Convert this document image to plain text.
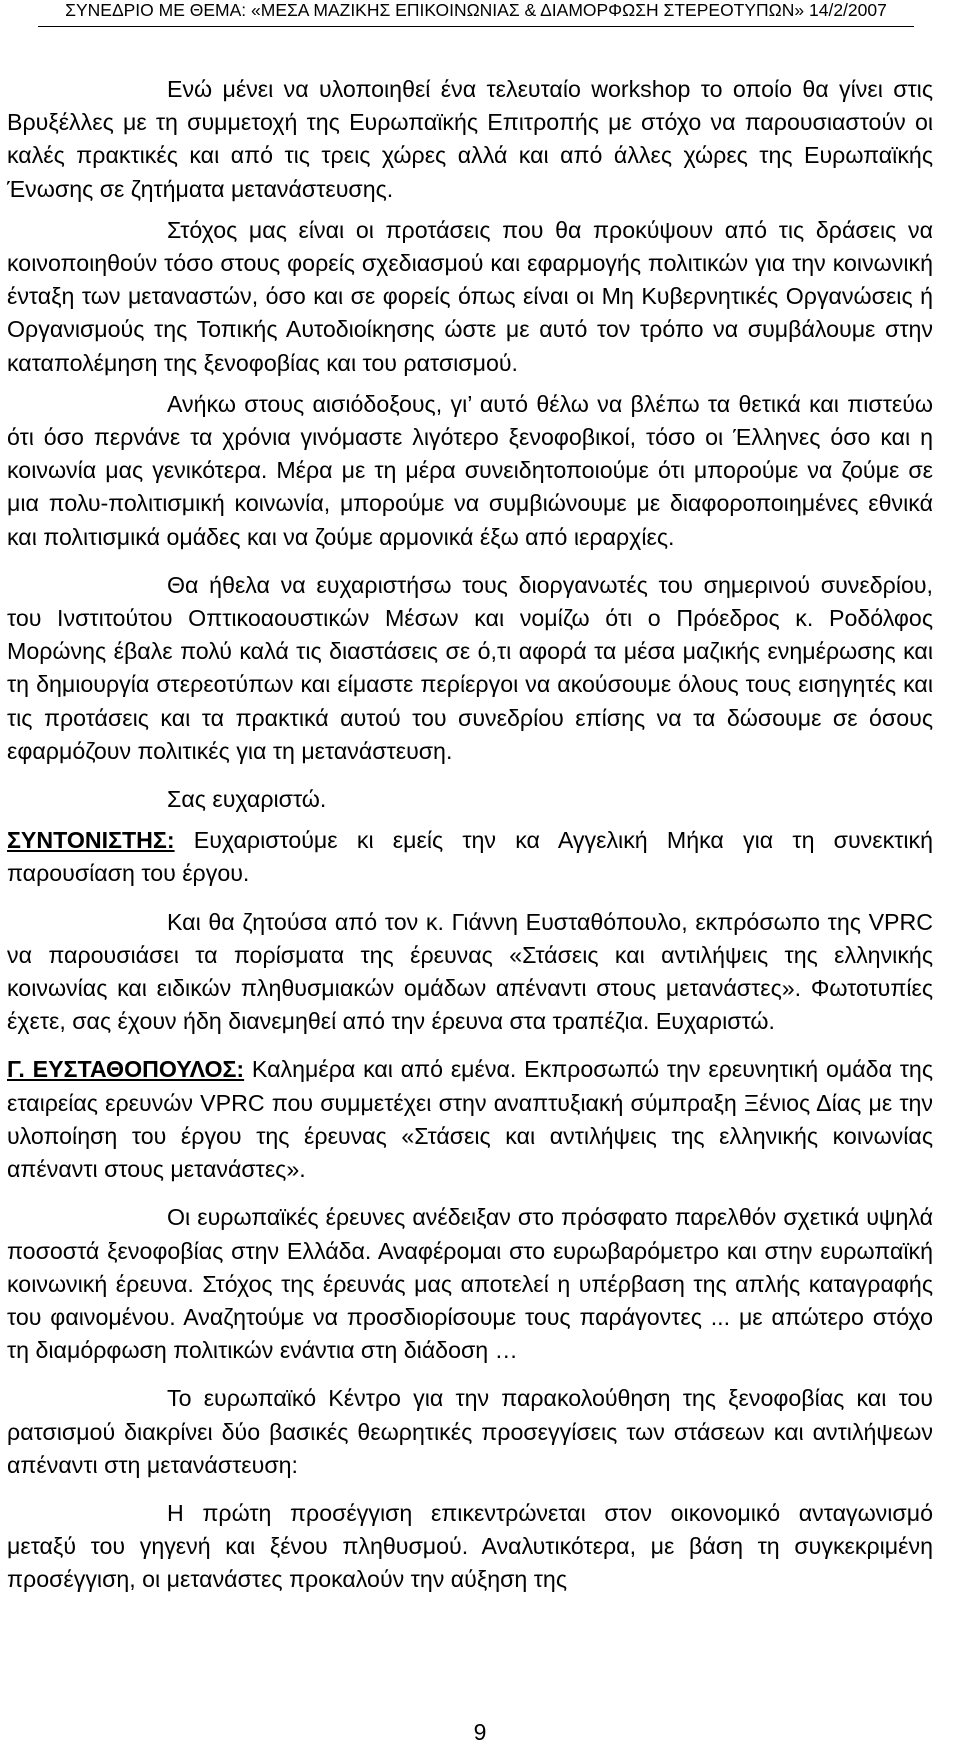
ΣΥΝΕΔΡΙΟ ΜΕ ΘΕΜΑ: «ΜΕΣΑ ΜΑΖΙΚΗΣ ΕΠΙΚΟΙΝΩΝΙΑΣ & ΔΙΑΜΟΡΦΩΣΗ ΣΤΕΡΕΟΤΥΠΩΝ» 14/2/2007

Ενώ μένει να υλοποιηθεί ένα τελευταίο workshop το οποίο θα γίνει στις Βρυξέλλες με τη συμμετοχή της Ευρωπαϊκής Επιτροπής με στόχο να παρουσιαστούν οι καλές πρακτικές και από τις τρεις χώρες αλλά και από άλλες χώρες της Ευρωπαϊκής Ένωσης σε ζητήματα μετανάστευσης.

Στόχος μας είναι οι προτάσεις που θα προκύψουν από τις δράσεις να κοινοποιηθούν τόσο στους φορείς σχεδιασμού και εφαρμογής πολιτικών για την κοινωνική ένταξη των μεταναστών, όσο και σε φορείς όπως είναι οι Μη Κυβερνητικές Οργανώσεις ή Οργανισμούς της Τοπικής Αυτοδιοίκησης ώστε με αυτό τον τρόπο να συμβάλουμε στην καταπολέμηση της ξενοφοβίας και του ρατσισμού.

Ανήκω στους αισιόδοξους, γι’ αυτό θέλω να βλέπω τα θετικά και πιστεύω ότι όσο περνάνε τα χρόνια γινόμαστε λιγότερο ξενοφοβικοί, τόσο οι Έλληνες όσο και η κοινωνία μας γενικότερα. Μέρα με τη μέρα συνειδητοποιούμε ότι μπορούμε να ζούμε σε μια πολυ-πολιτισμική κοινωνία, μπορούμε να συμβιώνουμε με διαφοροποιημένες εθνικά και πολιτισμικά ομάδες και να ζούμε αρμονικά έξω από ιεραρχίες.

Θα ήθελα να ευχαριστήσω τους διοργανωτές του σημερινού συνεδρίου, του Ινστιτούτου Οπτικοαουστικών Μέσων και νομίζω ότι ο Πρόεδρος κ. Ροδόλφος Μορώνης έβαλε πολύ καλά τις διαστάσεις σε ό,τι αφορά τα μέσα μαζικής ενημέρωσης και τη δημιουργία στερεοτύπων και είμαστε περίεργοι να ακούσουμε όλους τους εισηγητές και τις προτάσεις και τα πρακτικά αυτού του συνεδρίου επίσης να τα δώσουμε σε όσους εφαρμόζουν πολιτικές για τη μετανάστευση.

Σας ευχαριστώ.

ΣΥΝΤΟΝΙΣΤΗΣ: Ευχαριστούμε κι εμείς την κα Αγγελική Μήκα για τη συνεκτική παρουσίαση του έργου.

Και θα ζητούσα από τον κ. Γιάννη Ευσταθόπουλο, εκπρόσωπο της VPRC να παρουσιάσει τα πορίσματα της έρευνας «Στάσεις και αντιλήψεις της ελληνικής κοινωνίας και ειδικών πληθυσμιακών ομάδων απέναντι στους μετανάστες». Φωτοτυπίες έχετε, σας έχουν ήδη διανεμηθεί από την έρευνα στα τραπέζια. Ευχαριστώ.

Γ. ΕΥΣΤΑΘΟΠΟΥΛΟΣ: Καλημέρα και από εμένα. Εκπροσωπώ την ερευνητική ομάδα της εταιρείας ερευνών VPRC που συμμετέχει στην αναπτυξιακή σύμπραξη Ξένιος Δίας με την υλοποίηση του έργου της έρευνας «Στάσεις και αντιλήψεις της ελληνικής κοινωνίας απέναντι στους μετανάστες».

Οι ευρωπαϊκές έρευνες ανέδειξαν στο πρόσφατο παρελθόν σχετικά υψηλά ποσοστά ξενοφοβίας στην Ελλάδα. Αναφέρομαι στο ευρωβαρόμετρο και στην ευρωπαϊκή κοινωνική έρευνα. Στόχος της έρευνάς μας αποτελεί η υπέρβαση της απλής καταγραφής του φαινομένου. Αναζητούμε να προσδιορίσουμε τους παράγοντες ... με απώτερο στόχο τη διαμόρφωση πολιτικών ενάντια στη διάδοση …

Το ευρωπαϊκό Κέντρο για την παρακολούθηση της ξενοφοβίας και του ρατσισμού διακρίνει δύο βασικές θεωρητικές προσεγγίσεις των στάσεων και αντιλήψεων απέναντι στη μετανάστευση:

Η πρώτη προσέγγιση επικεντρώνεται στον οικονομικό ανταγωνισμό μεταξύ του γηγενή και ξένου πληθυσμού. Αναλυτικότερα, με βάση τη συγκεκριμένη προσέγγιση, οι μετανάστες προκαλούν την αύξηση της

9
